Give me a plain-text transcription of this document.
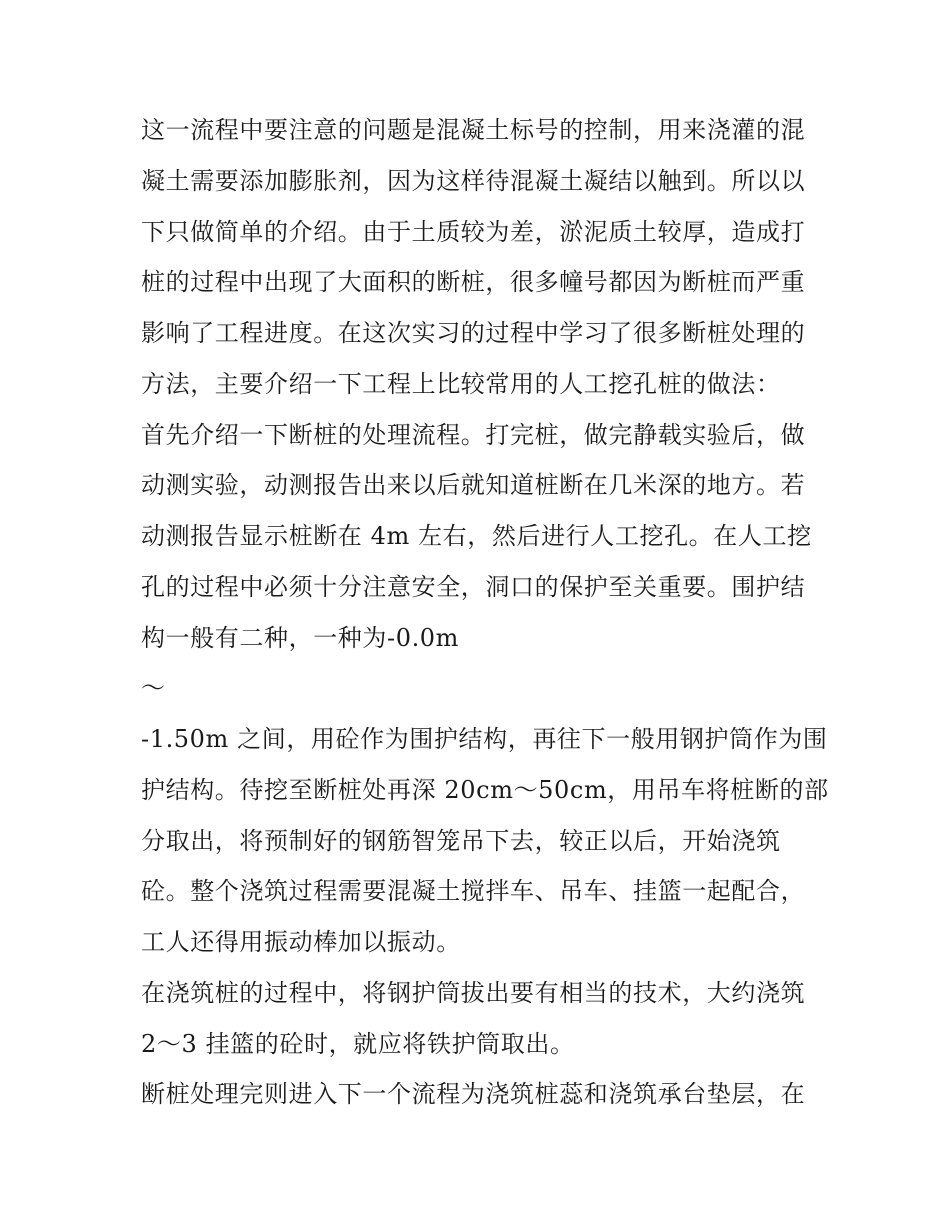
这一流程中要注意的问题是混凝土标号的控制，用来浇灌的混
凝土需要添加膨胀剂，因为这样待混凝土凝结以触到。所以以
下只做简单的介绍。由于土质较为差，淤泥质土较厚，造成打
桩的过程中出现了大面积的断桩，很多幢号都因为断桩而严重
影响了工程进度。在这次实习的过程中学习了很多断桩处理的
方法，主要介绍一下工程上比较常用的人工挖孔桩的做法：
首先介绍一下断桩的处理流程。打完桩，做完静载实验后，做
动测实验，动测报告出来以后就知道桩断在几米深的地方。若
动测报告显示桩断在 4m 左右，然后进行人工挖孔。在人工挖
孔的过程中必须十分注意安全，洞口的保护至关重要。围护结
构一般有二种，一种为-0.0m
～
-1.50m 之间，用砼作为围护结构，再往下一般用钢护筒作为围
护结构。待挖至断桩处再深 20cm～50cm，用吊车将桩断的部
分取出，将预制好的钢筋智笼吊下去，较正以后，开始浇筑
砼。整个浇筑过程需要混凝土搅拌车、吊车、挂篮一起配合，
工人还得用振动棒加以振动。
在浇筑桩的过程中，将钢护筒拔出要有相当的技术，大约浇筑
2～3 挂篮的砼时，就应将铁护筒取出。
断桩处理完则进入下一个流程为浇筑桩蕊和浇筑承台垫层，在
